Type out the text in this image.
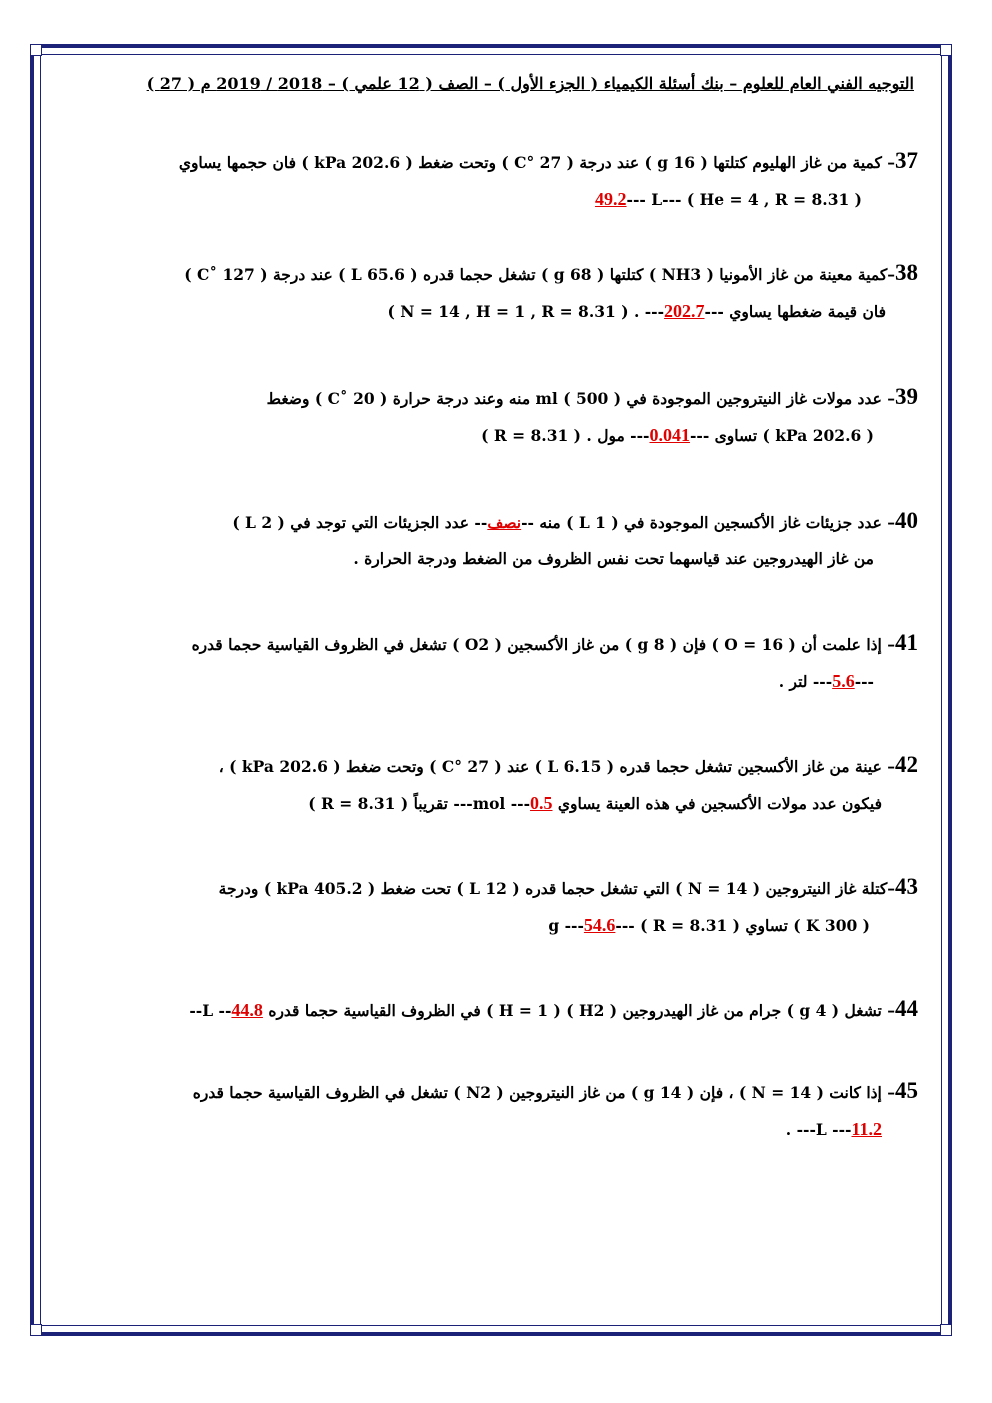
التوجيه الفني العام للعلوم – بنك أسئلة الكيمياء ( الجزء الأول ) – الصف ( 12 علمي ) – 2018 / 2019 م ( 27 )
37– كمية من غاز الهليوم كتلتها ( 16 g ) عند درجة ( 27 °C ) وتحت ضغط ( 202.6 kPa ) فان حجمها يساوي
( He = 4 , R = 8.31 ) ---49.2--- L
38–كمية معينة من غاز الأمونيا ( NH3 ) كتلتها ( 68 g ) تشغل حجما قدره ( 65.6 L ) عند درجة ( 127 ˚C )
فان قيمة ضغطها يساوي ---202.7--- . ( N = 14 , H = 1 , R = 8.31 )
39– عدد مولات غاز النيتروجين الموجودة في ml ( 500 ) منه وعند درجة حرارة ( 20 ˚C ) وضغط
( 202.6 kPa ) تساوى ---0.041--- مول . ( R = 8.31 )
40– عدد جزيئات غاز الأكسجين الموجودة في ( 1 L ) منه --نصف-- عدد الجزيئات التي توجد في ( 2 L )
من غاز الهيدروجين عند قياسهما تحت نفس الظروف من الضغط ودرجة الحرارة .
41– إذا علمت أن ( O = 16 ) فإن ( 8 g ) من غاز الأكسجين ( O2 ) تشغل في الظروف القياسية حجما قدره
---5.6--- لتر .
42– عينة من غاز الأكسجين تشغل حجما قدره ( 6.15 L ) عند ( 27 °C ) وتحت ضغط ( 202.6 kPa ) ،
فيكون عدد مولات الأكسجين في هذه العينة يساوي mol ---0.5--- تقريباً ( R = 8.31 )
43–كتلة غاز النيتروجين ( N = 14 ) التي تشغل حجما قدره ( 12 L ) تحت ضغط ( 405.2 kPa ) ودرجة
( 300 K ) تساوي g ---54.6--- ( R = 8.31 )
44– تشغل ( 4 g ) جرام من غاز الهيدروجين ( H2 ) ( H = 1 ) في الظروف القياسية حجما قدره L --44.8--
45– إذا كانت ( N = 14 ) ، فإن ( 14 g ) من غاز النيتروجين ( N2 ) تشغل في الظروف القياسية حجما قدره
L ---11.2--- .
